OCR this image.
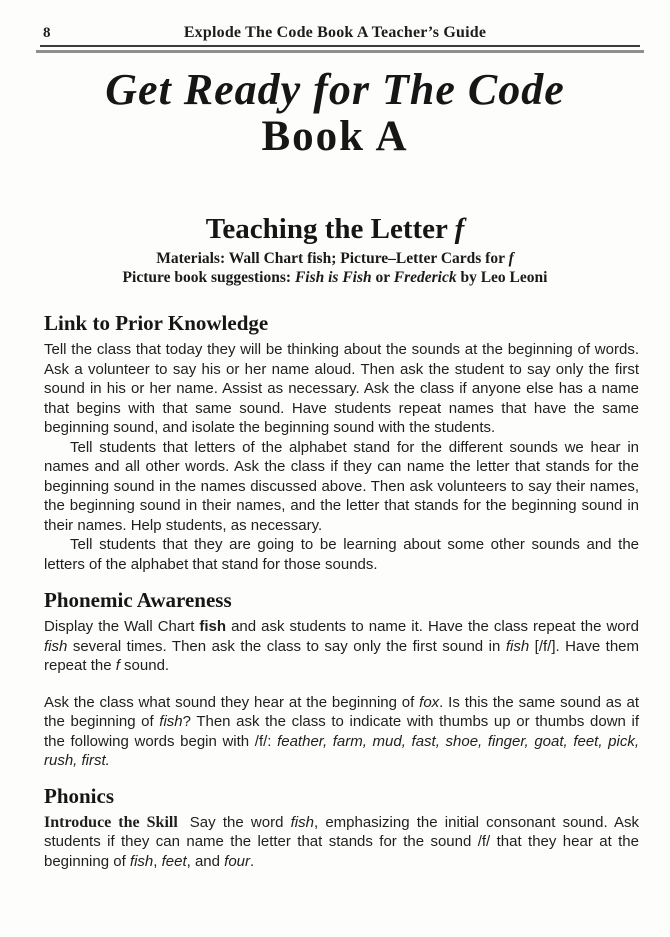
8	Explode The Code Book A Teacher’s Guide
Get Ready for The Code
Book A
Teaching the Letter f
Materials: Wall Chart fish; Picture–Letter Cards for f
Picture book suggestions: Fish is Fish or Frederick by Leo Leoni
Link to Prior Knowledge

Tell the class that today they will be thinking about the sounds at the beginning of words. Ask a volunteer to say his or her name aloud. Then ask the student to say only the first sound in his or her name. Assist as necessary. Ask the class if anyone else has a name that begins with that same sound. Have students repeat names that have the same beginning sound, and isolate the beginning sound with the students.

Tell students that letters of the alphabet stand for the different sounds we hear in names and all other words. Ask the class if they can name the letter that stands for the beginning sound in the names discussed above. Then ask volunteers to say their names, the beginning sound in their names, and the letter that stands for the beginning sound in their names. Help students, as necessary.

Tell students that they are going to be learning about some other sounds and the letters of the alphabet that stand for those sounds.

Phonemic Awareness

Display the Wall Chart fish and ask students to name it. Have the class repeat the word fish several times. Then ask the class to say only the first sound in fish [/f/]. Have them repeat the f sound.

Ask the class what sound they hear at the beginning of fox. Is this the same sound as at the beginning of fish? Then ask the class to indicate with thumbs up or thumbs down if the following words begin with /f/: feather, farm, mud, fast, shoe, finger, goat, feet, pick, rush, first.

Phonics

Introduce the Skill Say the word fish, emphasizing the initial consonant sound. Ask students if they can name the letter that stands for the sound /f/ that they hear at the beginning of fish, feet, and four.
